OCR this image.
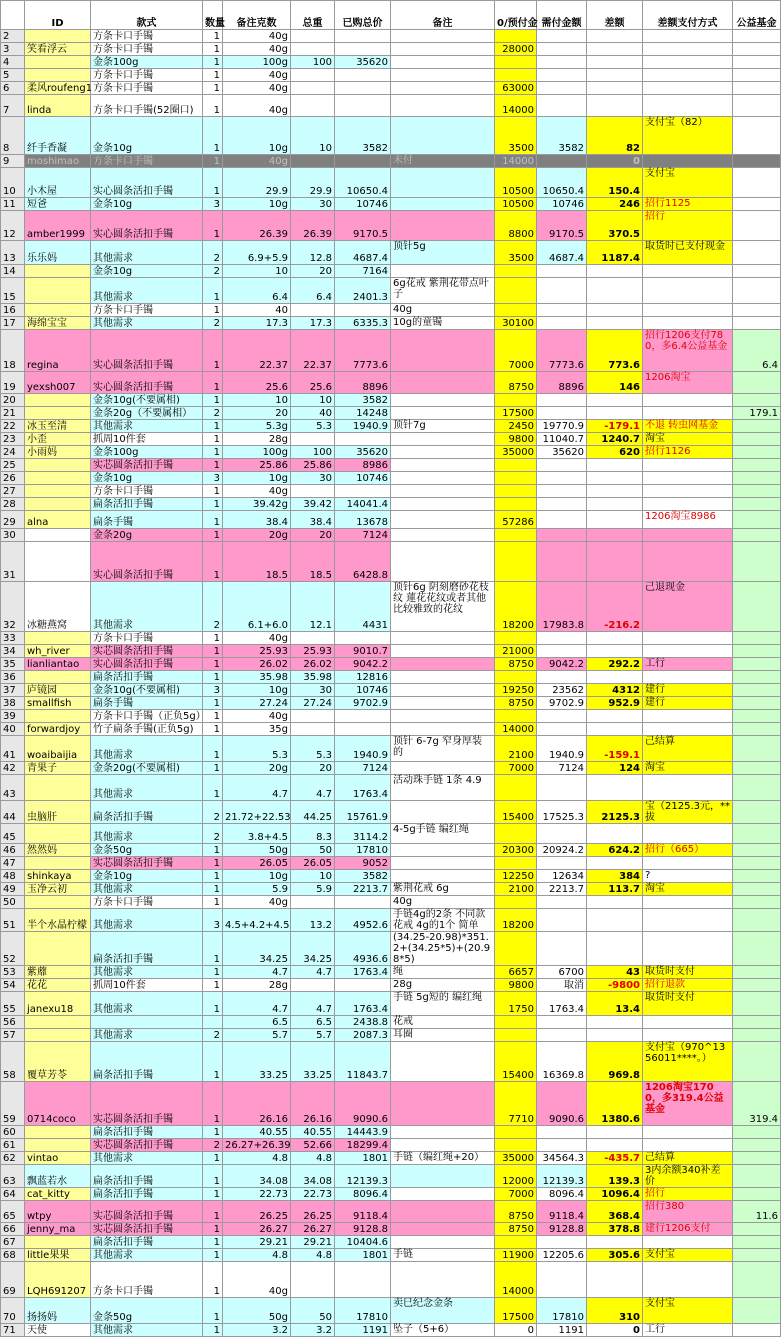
	ID	款式	数量	备注克数	总重	已购总价	备注	0/预付金	需付金额	差额	差额支付方式	公益基金
2		方条卡口手镯	1	40g								
3	笑看浮云	方条卡口手镯	1	40g				28000				
4		金条100g	1	100g	100	35620						
5		方条卡口手镯	1	40g								
6	柔风roufeng1	方条卡口手镯	1	40g				63000				
7	linda	方条卡口手镯(52圈口)	1	40g				14000				
8	纤手香凝	金条10g	1	10g	10	3582		3500	3582	82	支付宝（82）	
9	moshimao	方条卡口手镯	1	40g			未付	14000		0		
10	小木屋	实心圆条活扣手镯	1	29.9	29.9	10650.4		10500	10650.4	150.4	支付宝	
11	短爸	金条10g	3	10g	30	10746		10500	10746	246	招行1125	
12	amber1999	实心圆条活扣手镯	1	26.39	26.39	9170.5		8800	9170.5	370.5	招行	
13	乐乐妈	其他需求	2	6.9+5.9	12.8	4687.4	顶针5g	3500	4687.4	1187.4	取货时已支付现金	
14		金条10g	2	10	20	7164						
15		其他需求	1	6.4	6.4	2401.3	6g花戒 紫荆花带点叶子					
16		方条卡口手镯	1	40			40g					
17	海绵宝宝	其他需求	2	17.3	17.3	6335.3	10g的童镯	30100				
18	regina	实心圆条活扣手镯	1	22.37	22.37	7773.6		7000	7773.6	773.6	招行1206支付780，多6.4公益基金	6.4
19	yexsh007	实心圆条活扣手镯	1	25.6	25.6	8896		8750	8896	146	1206淘宝	
20		金条10g(不要属相)	1	10	10	3582						
21		金条20g（不要属相）	2	20	40	14248		17500				179.1
22	冰玉至清	其他需求	1	5.3g	5.3	1940.9	顶针7g	2450	19770.9	-179.1	不退 转虫网基金	
23	小歪	抓周10件套	1	28g				9800	11040.7	1240.7	淘宝	
24	小雨妈	金条100g	1	100g	100	35620		35000	35620	620	招行1126	
25		实芯圆条活扣手镯	1	25.86	25.86	8986						
26		金条10g	3	10g	30	10746						
27		方条卡口手镯	1	40g								
28		扁条活扣手镯	1	39.42g	39.42	14041.4						
29	alna	扁条手镯	1	38.4	38.4	13678		57286			1206淘宝8986	
30		金条20g	1	20g	20	7124						
31		实心圆条活扣手镯	1	18.5	18.5	6428.8						
32	冰糖燕窝	其他需求	2	6.1+6.0	12.1	4431	顶针6g 阴刻磨砂花枝纹 蓮花花纹或者其他比较雅致的花纹	18200	17983.8	-216.2	己退现金	
33		方条卡口手镯	1	40g								
34	wh_river	实芯圆条活扣手镯	1	25.93	25.93	9010.7		21000				
35	lianliantao	实心圆条活扣手镯	1	26.02	26.02	9042.2		8750	9042.2	292.2	工行	
36		扁条活扣手镯	1	35.98	35.98	12816						
37	庐镜园	金条10g(不要属相)	3	10g	30	10746		19250	23562	4312	建行	
38	smallfish	扁条手镯	1	27.24	27.24	9702.9		8750	9702.9	952.9	建行	
39		方条卡口手镯（正负5g）	1	40g								
40	forwardjoy	竹子扁条手镯(正负5g)	1	35g				14000				
41	woaibaijia	其他需求	1	5.3	5.3	1940.9	顶针 6-7g 窄身厚装的	2100	1940.9	-159.1	己结算	
42	青果子	金条20g(不要属相)	1	20g	20	7124		7000	7124	124	淘宝	
43		其他需求	1	4.7	4.7	1763.4	活动珠手链 1条 4.9					
44	虫脑肝	扁条活扣手镯	2	21.72+22.53	44.25	15761.9		15400	17525.3	2125.3	宝（2125.3元，**拔	
45		其他需求	2	3.8+4.5	8.3	3114.2	4-5g手链 编红绳					
46	然然妈	金条50g	1	50g	50	17810		20300	20924.2	624.2	招行（665）	
47		实芯圆条活扣手镯	1	26.05	26.05	9052						
48	shinkaya	金条10g	1	10g	10	3582		12250	12634	384	?	
49	玉净云初	其他需求	1	5.9	5.9	2213.7	紫荆花戒 6g	2100	2213.7	113.7	淘宝	
50		方条卡口手镯	1	40g			40g					
51	半个水晶柠檬	其他需求	3	4.5+4.2+4.5	13.2	4952.6	手链4g的2条 不同款 花戒 4g的1个 简单	18200				
52		扁条活扣手镯	1	34.25	34.25	4936.6	(34.25-20.98)*351.2+(34.25*5)+(20.98*5)					
53	紫蘼	其他需求	1	4.7	4.7	1763.4	绳	6657	6700	43	取货时支付	
54	花花	抓周10件套	1	28g			28g	9800	取消	-9800	招行退款	
55	janexu18	其他需求	1	4.7	4.7	1763.4	手链 5g短的 编红绳	1750	1763.4	13.4	取货时支付	
56				6.5	6.5	2438.8	花戒					
57		其他需求	2	5.7	5.7	2087.3	耳圈					
58	覆草芳苓	扁条活扣手镯	1	33.25	33.25	11843.7		15400	16369.8	969.8	支付宝（970^1356011****。）	
59	0714coco	实芯圆条活扣手镯	1	26.16	26.16	9090.6		7710	9090.6	1380.6	1206淘宝1700，多319.4公益基金	319.4
60		扁条活扣手镯	1	40.55	40.55	14443.9						
61		实芯圆条活扣手镯	2	26.27+26.39	52.66	18299.4						
62	vintao	其他需求	1	4.8	4.8	1801	手链（编红绳+20）	35000	34564.3	-435.7	己结算	
63	飘蓝若水	扁条活扣手镯	1	34.08	34.08	12139.3		12000	12139.3	139.3	3内余额340补差价	
64	cat_kitty	扁条活扣手镯	1	22.73	22.73	8096.4		7000	8096.4	1096.4	招行	
65	wtpy	实芯圆条活扣手镯	1	26.25	26.25	9118.4		8750	9118.4	368.4	招行380	11.6
66	jenny_ma	实芯圆条活扣手镯	1	26.27	26.27	9128.8		8750	9128.8	378.8	建行1206支付	
67		扁条活扣手镯	1	29.21	29.21	10404.6						
68	little果果	其他需求	1	4.8	4.8	1801	手链	11900	12205.6	305.6	支付宝	
69	LQH691207	方条卡口手镯	1	40g				14000				
70	扬扬妈	金条50g	1	50g	50	17810	卖巳纪念金条	17500	17810	310	支付宝	
71	天使	其他需求	1	3.2	3.2	1191	坠子（5+6）	0	1191	0	工行	
